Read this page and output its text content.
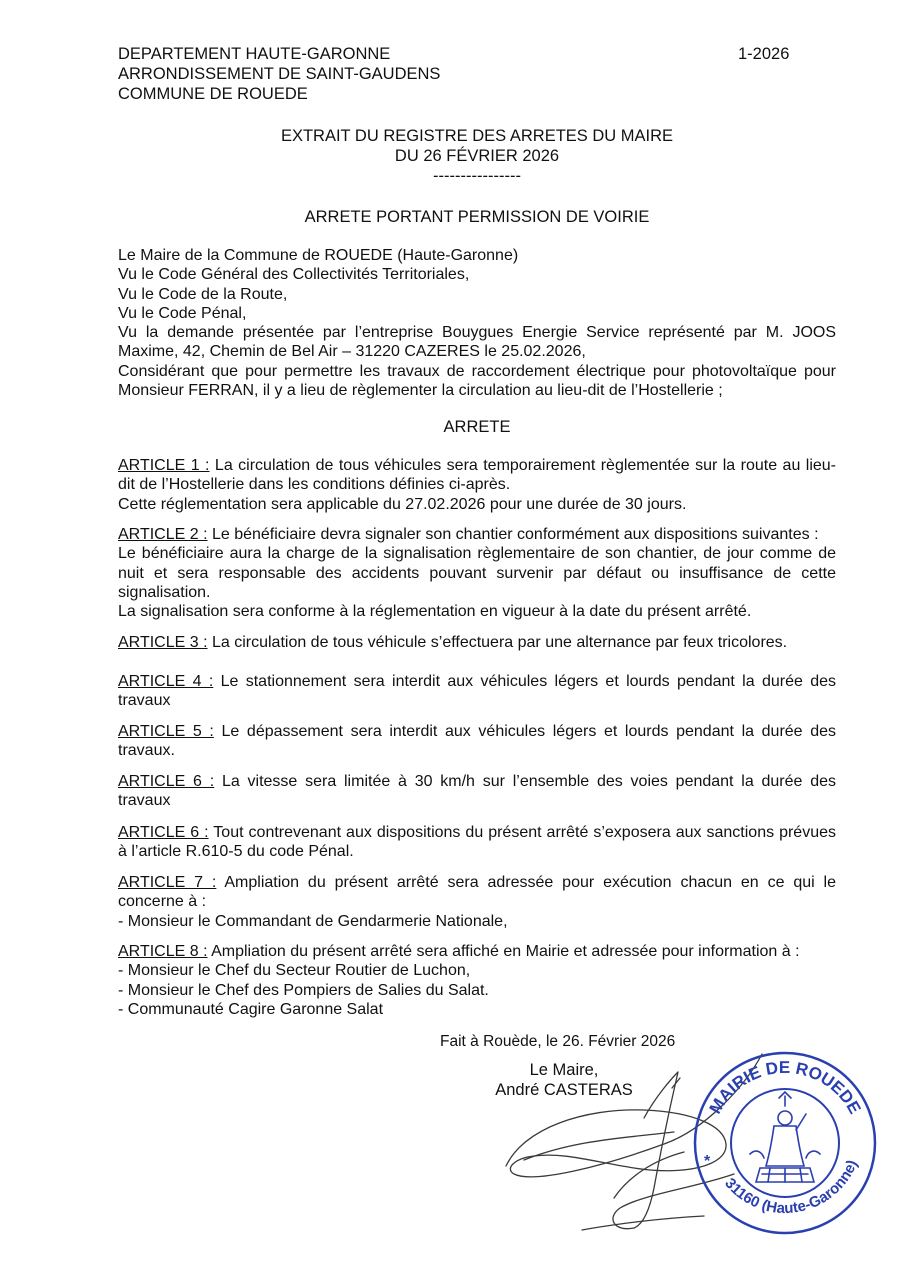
DEPARTEMENT HAUTE-GARONNE
ARRONDISSEMENT DE SAINT-GAUDENS
COMMUNE DE ROUEDE
1-2026
EXTRAIT DU REGISTRE DES ARRETES DU MAIRE
DU 26 FÉVRIER 2026
----------------
ARRETE PORTANT PERMISSION DE VOIRIE
Le Maire de la Commune de ROUEDE (Haute-Garonne)
Vu le Code Général des Collectivités Territoriales,
Vu le Code de la Route,
Vu le Code Pénal,
Vu la demande présentée par l’entreprise Bouygues Energie Service représenté par M. JOOS Maxime, 42, Chemin de Bel Air – 31220 CAZERES le 25.02.2026,
Considérant que pour permettre les travaux de raccordement électrique pour photovoltaïque pour Monsieur FERRAN, il y a lieu de règlementer la circulation au lieu-dit de l’Hostellerie ;
ARRETE

ARTICLE 1 : La circulation de tous véhicules sera temporairement règlementée sur la route au lieu-dit de l’Hostellerie dans les conditions définies ci-après.

Cette réglementation sera applicable du 27.02.2026 pour une durée de 30 jours.

ARTICLE 2 : Le bénéficiaire devra signaler son chantier conformément aux dispositions suivantes :

Le bénéficiaire aura la charge de la signalisation règlementaire de son chantier, de jour comme de nuit et sera responsable des accidents pouvant survenir par défaut ou insuffisance de cette signalisation.

La signalisation sera conforme à la réglementation en vigueur à la date du présent arrêté.

ARTICLE 3 : La circulation de tous véhicule s’effectuera par une alternance par feux tricolores.

ARTICLE 4 : Le stationnement sera interdit aux véhicules légers et lourds pendant la durée des travaux

ARTICLE 5 : Le dépassement sera interdit aux véhicules légers et lourds pendant la durée des travaux.

ARTICLE 6 : La vitesse sera limitée à 30 km/h sur l’ensemble des voies pendant la durée des travaux

ARTICLE 6 : Tout contrevenant aux dispositions du présent arrêté s’exposera aux sanctions prévues à l’article R.610-5 du code Pénal.

ARTICLE 7 : Ampliation du présent arrêté sera adressée pour exécution chacun en ce qui le concerne à :

- Monsieur le Commandant de Gendarmerie Nationale,

ARTICLE 8 : Ampliation du présent arrêté sera affiché en Mairie et adressée pour information à :

- Monsieur le Chef du Secteur Routier de Luchon,

- Monsieur le Chef des Pompiers de Salies du Salat.

- Communauté Cagire Garonne Salat

Fait à Rouède, le 26. Février 2026
Le Maire,
André CASTERAS
MAIRIE DE ROUEDE
31160 (Haute-Garonne)
*
